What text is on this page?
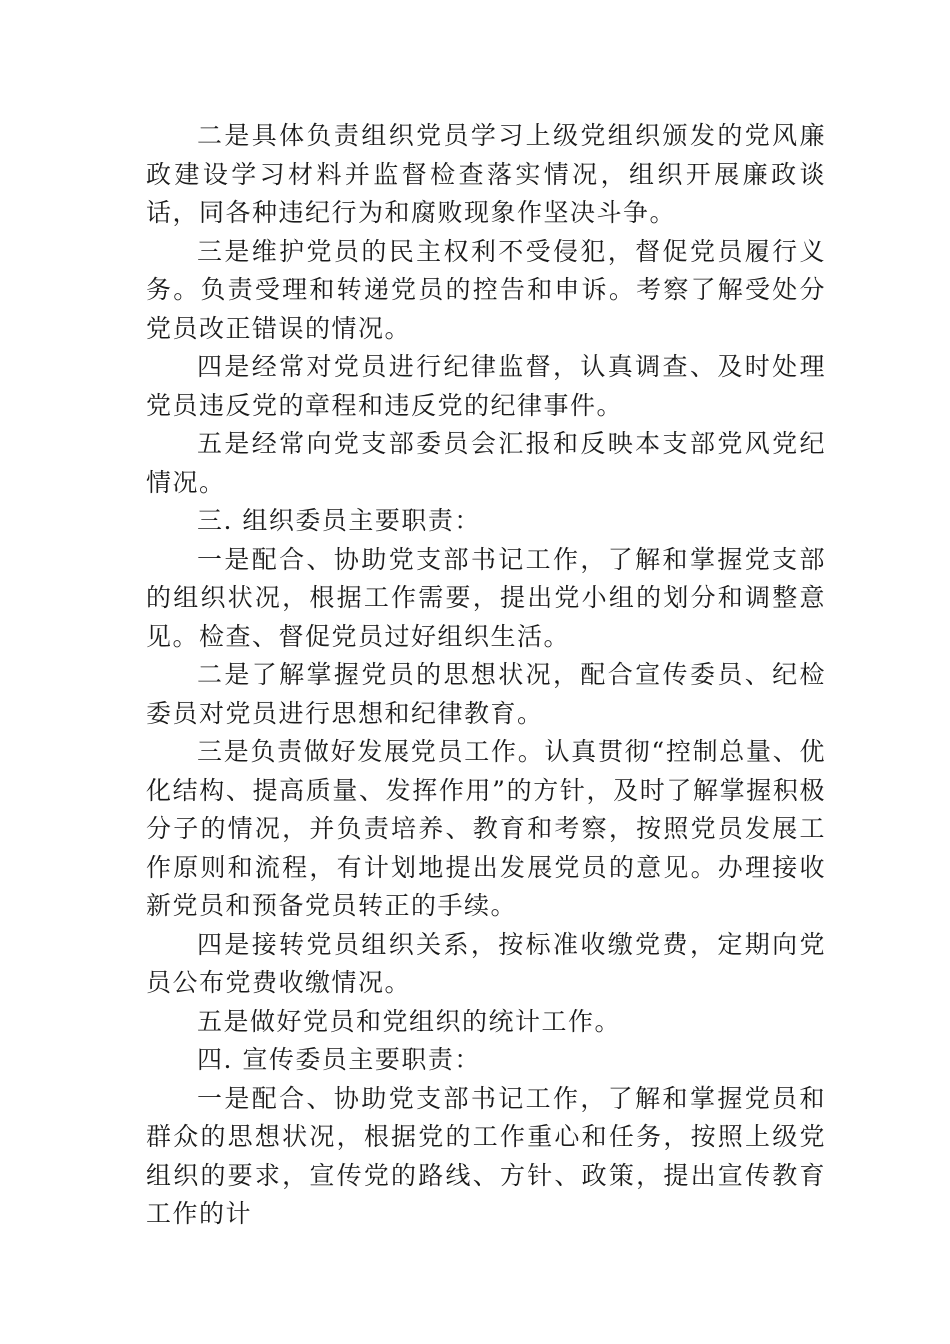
二是具体负责组织党员学习上级党组织颁发的党风廉政建设学习材料并监督检查落实情况，组织开展廉政谈话，同各种违纪行为和腐败现象作坚决斗争。

三是维护党员的民主权利不受侵犯，督促党员履行义务。负责受理和转递党员的控告和申诉。考察了解受处分党员改正错误的情况。

四是经常对党员进行纪律监督，认真调查、及时处理党员违反党的章程和违反党的纪律事件。

五是经常向党支部委员会汇报和反映本支部党风党纪情况。

三. 组织委员主要职责：

一是配合、协助党支部书记工作，了解和掌握党支部的组织状况，根据工作需要，提出党小组的划分和调整意见。检查、督促党员过好组织生活。

二是了解掌握党员的思想状况，配合宣传委员、纪检委员对党员进行思想和纪律教育。

三是负责做好发展党员工作。认真贯彻“控制总量、优化结构、提高质量、发挥作用”的方针，及时了解掌握积极分子的情况，并负责培养、教育和考察，按照党员发展工作原则和流程，有计划地提出发展党员的意见。办理接收新党员和预备党员转正的手续。

四是接转党员组织关系，按标准收缴党费，定期向党员公布党费收缴情况。

五是做好党员和党组织的统计工作。

四. 宣传委员主要职责：

一是配合、协助党支部书记工作，了解和掌握党员和群众的思想状况，根据党的工作重心和任务，按照上级党组织的要求，宣传党的路线、方针、政策，提出宣传教育工作的计
